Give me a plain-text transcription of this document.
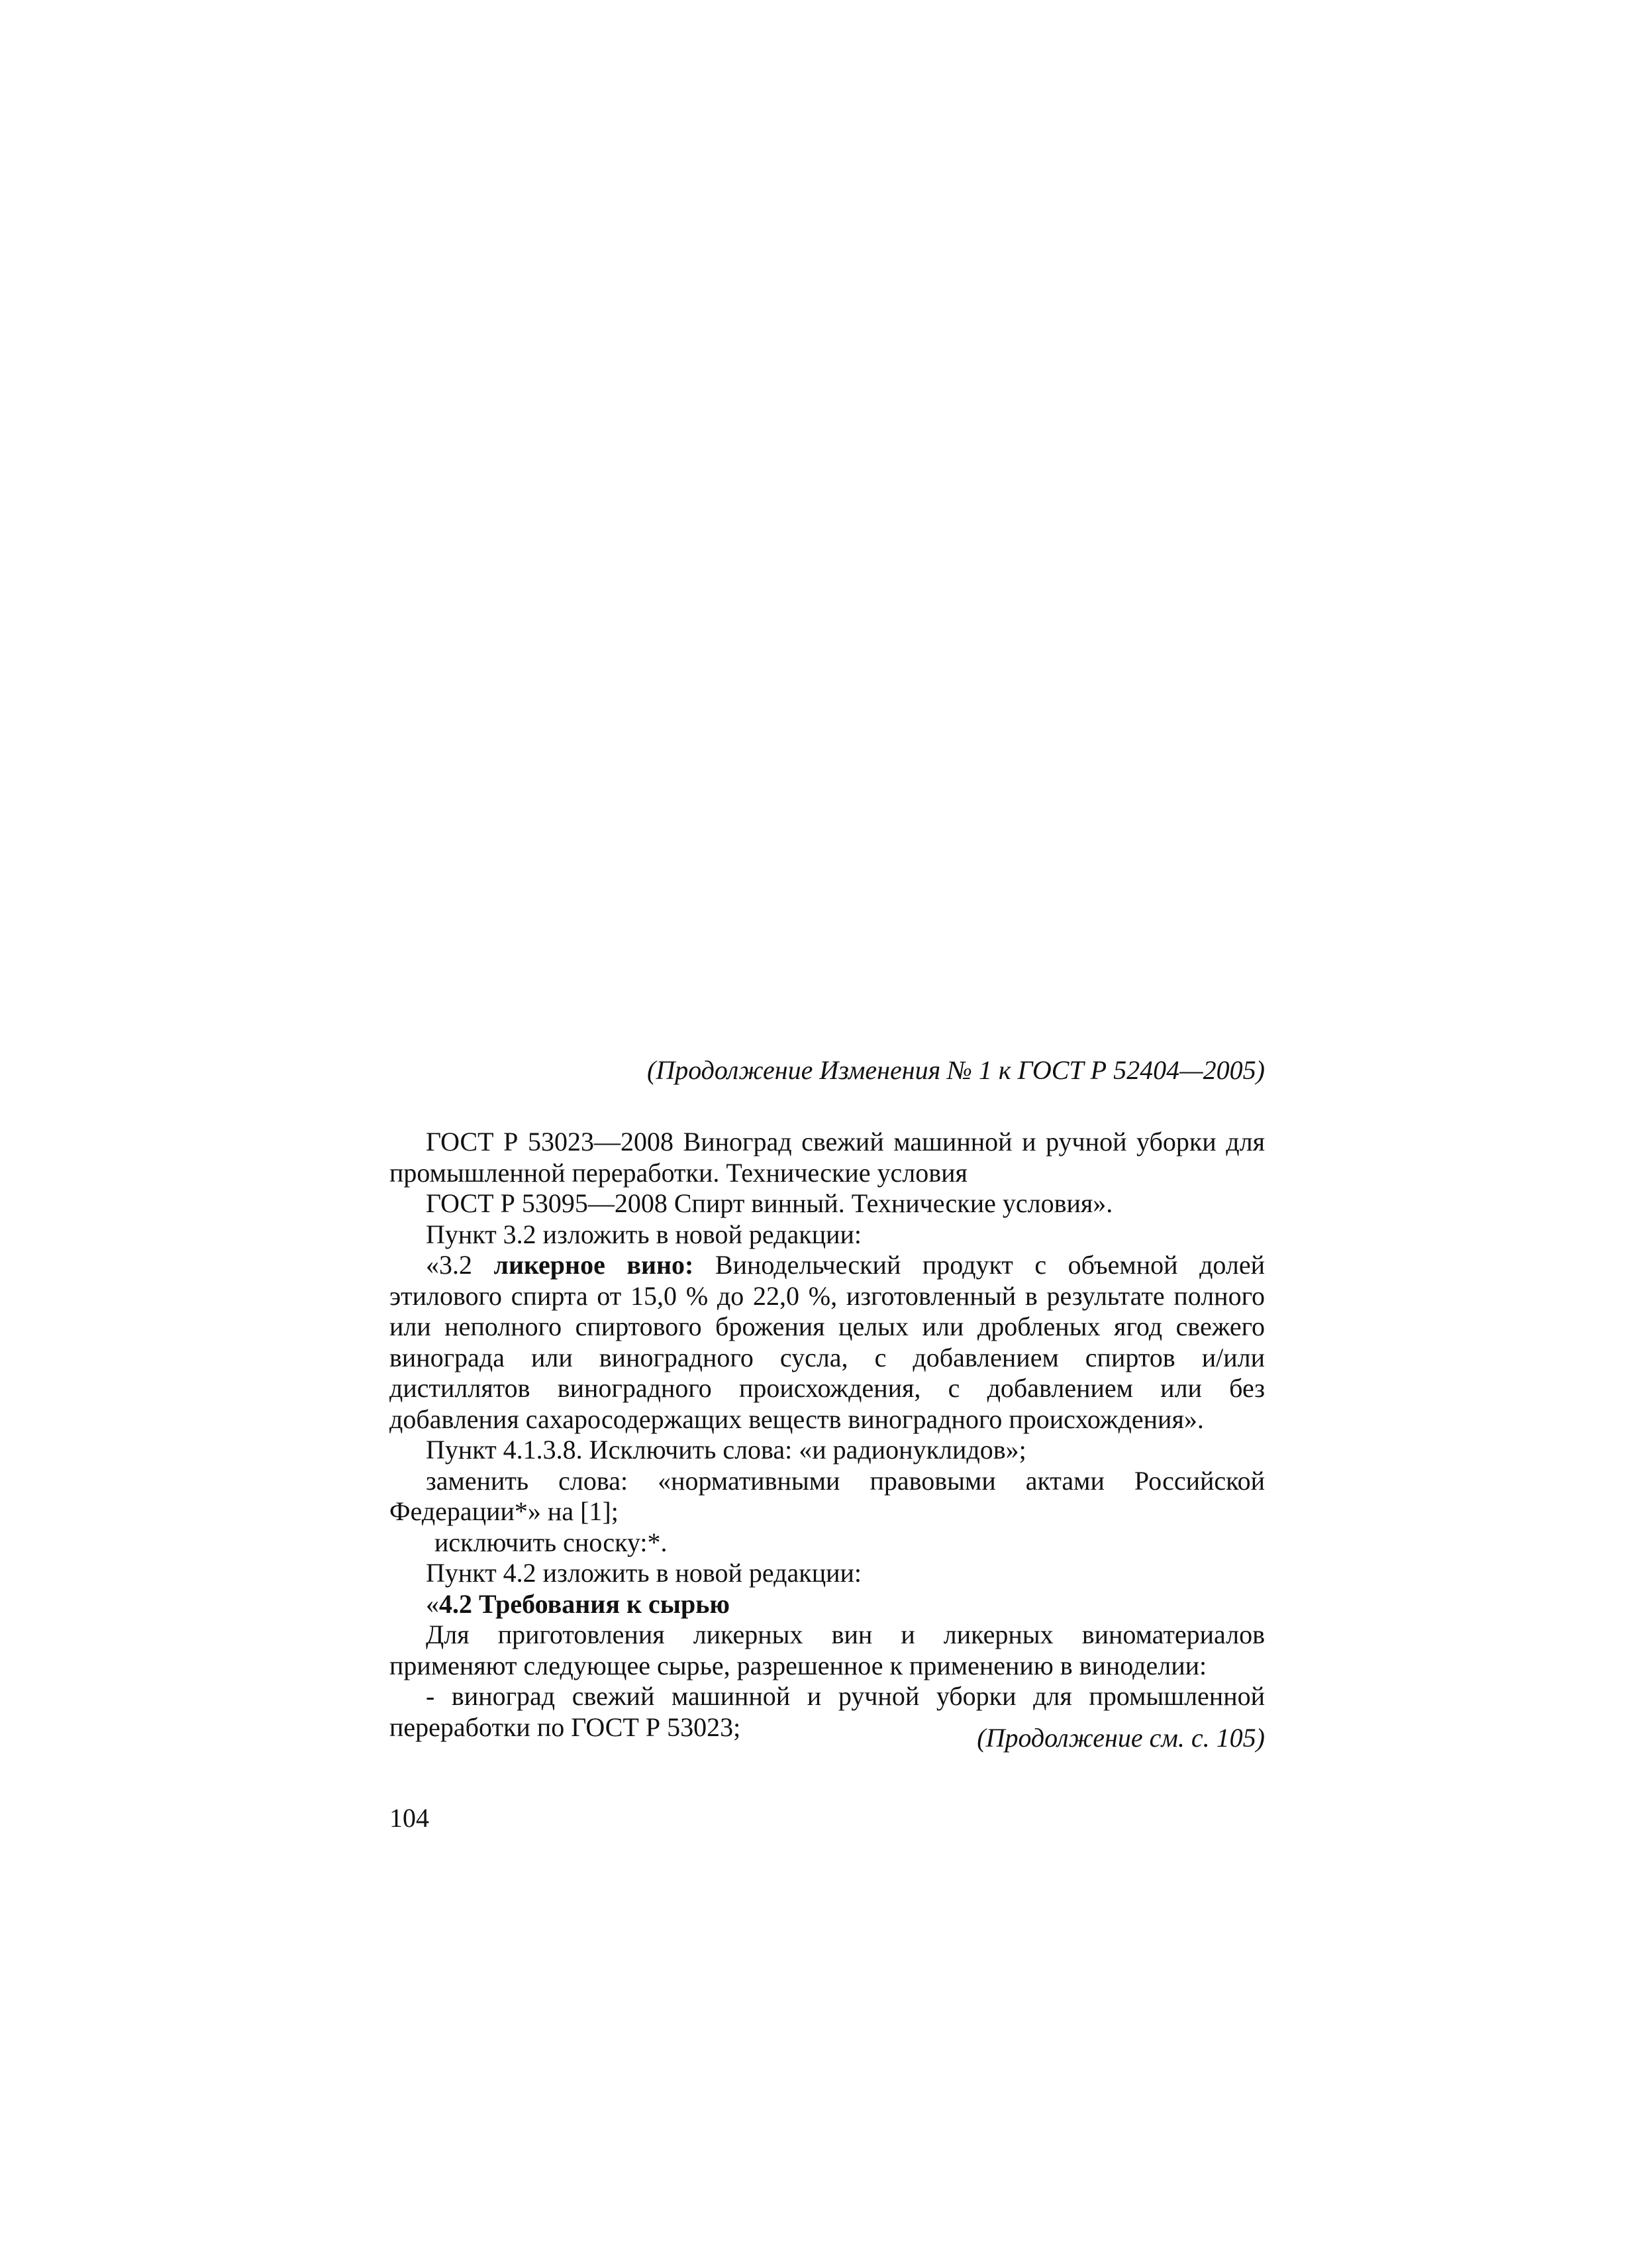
(Продолжение Изменения № 1 к ГОСТ Р 52404—2005)

ГОСТ Р 53023—2008 Виноград свежий машинной и ручной уборки для промышленной переработки. Технические условия

ГОСТ Р 53095—2008 Спирт винный. Технические условия».

Пункт 3.2 изложить в новой редакции:

«3.2 ликерное вино: Винодельческий продукт с объемной долей этилового спирта от 15,0 % до 22,0 %, изготовленный в результате полного или неполного спиртового брожения целых или дробленых ягод свежего винограда или виноградного сусла, с добавлением спиртов и/или дистиллятов виноградного происхождения, с добавлением или без добавления сахаросодержащих веществ виноградного происхождения».

Пункт 4.1.3.8. Исключить слова: «и радионуклидов»;

заменить слова: «нормативными правовыми актами Российской Федерации*» на [1];

исключить сноску:*.

Пункт 4.2 изложить в новой редакции:

«4.2 Требования к сырью

Для приготовления ликерных вин и ликерных виноматериалов применяют следующее сырье, разрешенное к применению в виноделии:

- виноград свежий машинной и ручной уборки для промышленной переработки по ГОСТ Р 53023;	(Продолжение см. с. 105)
104
